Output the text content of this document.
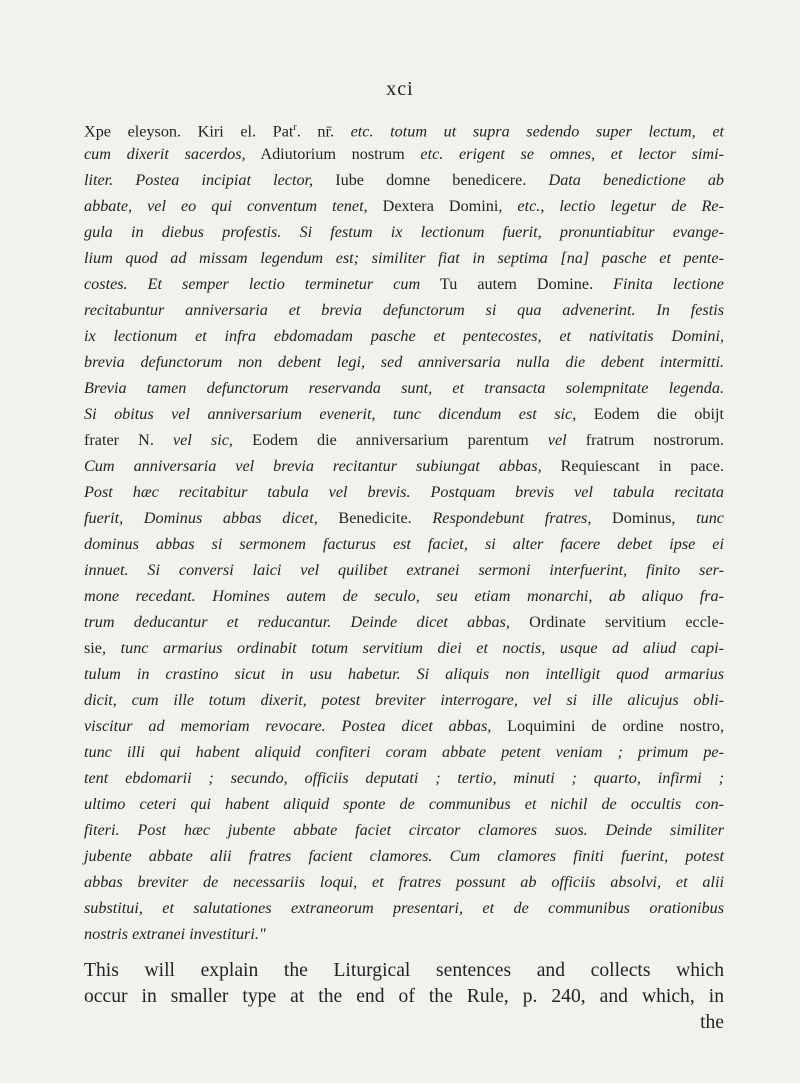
xci
Xpe eleyson. Kiri el. Pat$^r$. nr̄. etc. totum ut supra sedendo super lectum, et
cum dixerit sacerdos, Adiutorium nostrum etc. erigent se omnes, et lector simi-
liter. Postea incipiat lector, Iube domne benedicere. Data benedictione ab
abbate, vel eo qui conventum tenet, Dextera Domini, etc., lectio legetur de Re-
gula in diebus profestis. Si festum ix lectionum fuerit, pronuntiabitur evange-
lium quod ad missam legendum est; similiter fiat in septima [na] pasche et pente-
costes. Et semper lectio terminetur cum Tu autem Domine. Finita lectione
recitabuntur anniversaria et brevia defunctorum si qua advenerint. In festis
ix lectionum et infra ebdomadam pasche et pentecostes, et nativitatis Domini,
brevia defunctorum non debent legi, sed anniversaria nulla die debent intermitti.
Brevia tamen defunctorum reservanda sunt, et transacta solempnitate legenda.
Si obitus vel anniversarium evenerit, tunc dicendum est sic, Eodem die obijt
frater N. vel sic, Eodem die anniversarium parentum vel fratrum nostrorum.
Cum anniversaria vel brevia recitantur subiungat abbas, Requiescant in pace.
Post hæc recitabitur tabula vel brevis. Postquam brevis vel tabula recitata
fuerit, Dominus abbas dicet, Benedicite. Respondebunt fratres, Dominus, tunc
dominus abbas si sermonem facturus est faciet, si alter facere debet ipse ei
innuet. Si conversi laici vel quilibet extranei sermoni interfuerint, finito ser-
mone recedant. Homines autem de seculo, seu etiam monarchi, ab aliquo fra-
trum deducantur et reducantur. Deinde dicet abbas, Ordinate servitium eccle-
sie, tunc armarius ordinabit totum servitium diei et noctis, usque ad aliud capi-
tulum in crastino sicut in usu habetur. Si aliquis non intelligit quod armarius
dicit, cum ille totum dixerit, potest breviter interrogare, vel si ille alicujus obli-
viscitur ad memoriam revocare. Postea dicet abbas, Loquimini de ordine nostro,
tunc illi qui habent aliquid confiteri coram abbate petent veniam ; primum pe-
tent ebdomarii ; secundo, officiis deputati ; tertio, minuti ; quarto, infirmi ;
ultimo ceteri qui habent aliquid sponte de communibus et nichil de occultis con-
fiteri. Post hæc jubente abbate faciet circator clamores suos. Deinde similiter
jubente abbate alii fratres facient clamores. Cum clamores finiti fuerint, potest
abbas breviter de necessariis loqui, et fratres possunt ab officiis absolvi, et alii
substitui, et salutationes extraneorum presentari, et de communibus orationibus
nostris extranei investituri."
This will explain the Liturgical sentences and collects which
occur in smaller type at the end of the Rule, p. 240, and which, in
the
